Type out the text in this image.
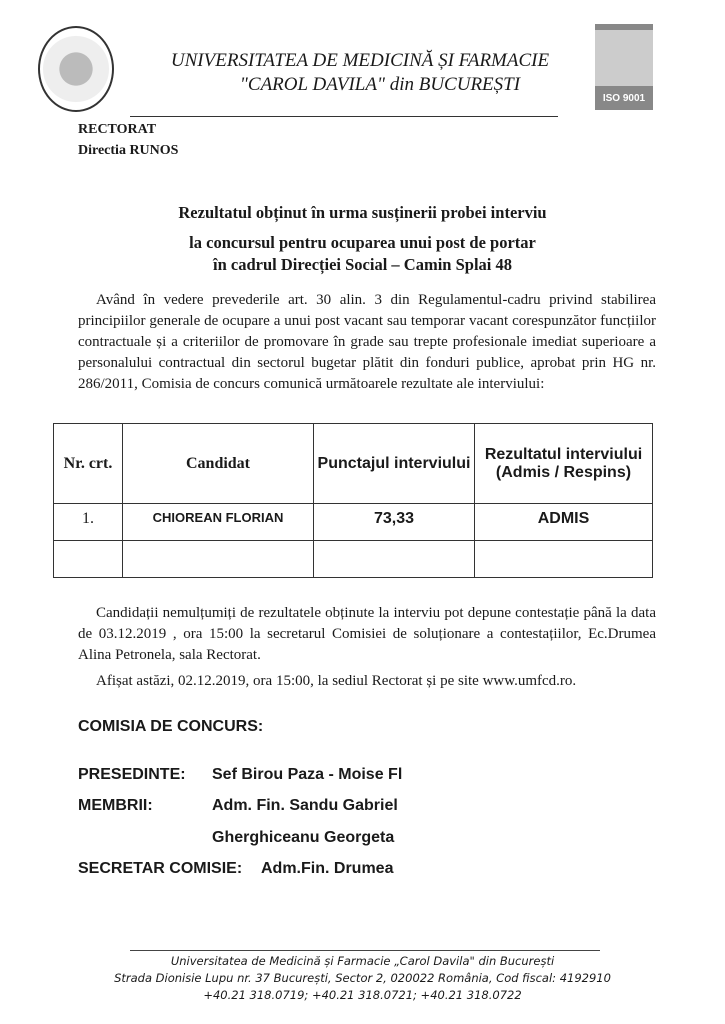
ISO 9001
UNIVERSITATEA DE MEDICINĂ ȘI FARMACIE
"CAROL DAVILA" din BUCUREȘTI
RECTORAT
Directia RUNOS
Rezultatul obținut în urma susținerii probei interviu
la concursul pentru ocuparea unui post de portar
în cadrul Direcției Social – Camin Splai 48

Având în vedere prevederile art. 30 alin. 3 din Regulamentul-cadru privind stabilirea principiilor generale de ocupare a unui post vacant sau temporar vacant corespunzător funcțiilor contractuale și a criteriilor de promovare în grade sau trepte profesionale imediat superioare a personalului contractual din sectorul bugetar plătit din fonduri publice, aprobat prin HG nr. 286/2011, Comisia de concurs comunică următoarele rezultate ale interviului:

Nr. crt.	Candidat	Punctajul interviului	Rezultatul interviului (Admis / Respins)
1.	CHIOREAN FLORIAN	73,33	ADMIS

Candidații nemulțumiți de rezultatele obținute la interviu pot depune contestație până la data de 03.12.2019 , ora 15:00 la secretarul Comisiei de soluționare a contestațiilor, Ec.Drumea Alina Petronela, sala Rectorat.

Afișat astăzi, 02.12.2019, ora 15:00, la sediul Rectorat și pe site www.umfcd.ro.

COMISIA DE CONCURS:
PRESEDINTE: Sef Birou Paza - Moise Fl
MEMBRII:	Adm. Fin. Sandu Gabriel
Gherghiceanu Georgeta
SECRETAR COMISIE: Adm.Fin. Drumea
Universitatea de Medicină și Farmacie „Carol Davila" din București
Strada Dionisie Lupu nr. 37 București, Sector 2, 020022 România, Cod fiscal: 4192910
+40.21 318.0719; +40.21 318.0721; +40.21 318.0722
